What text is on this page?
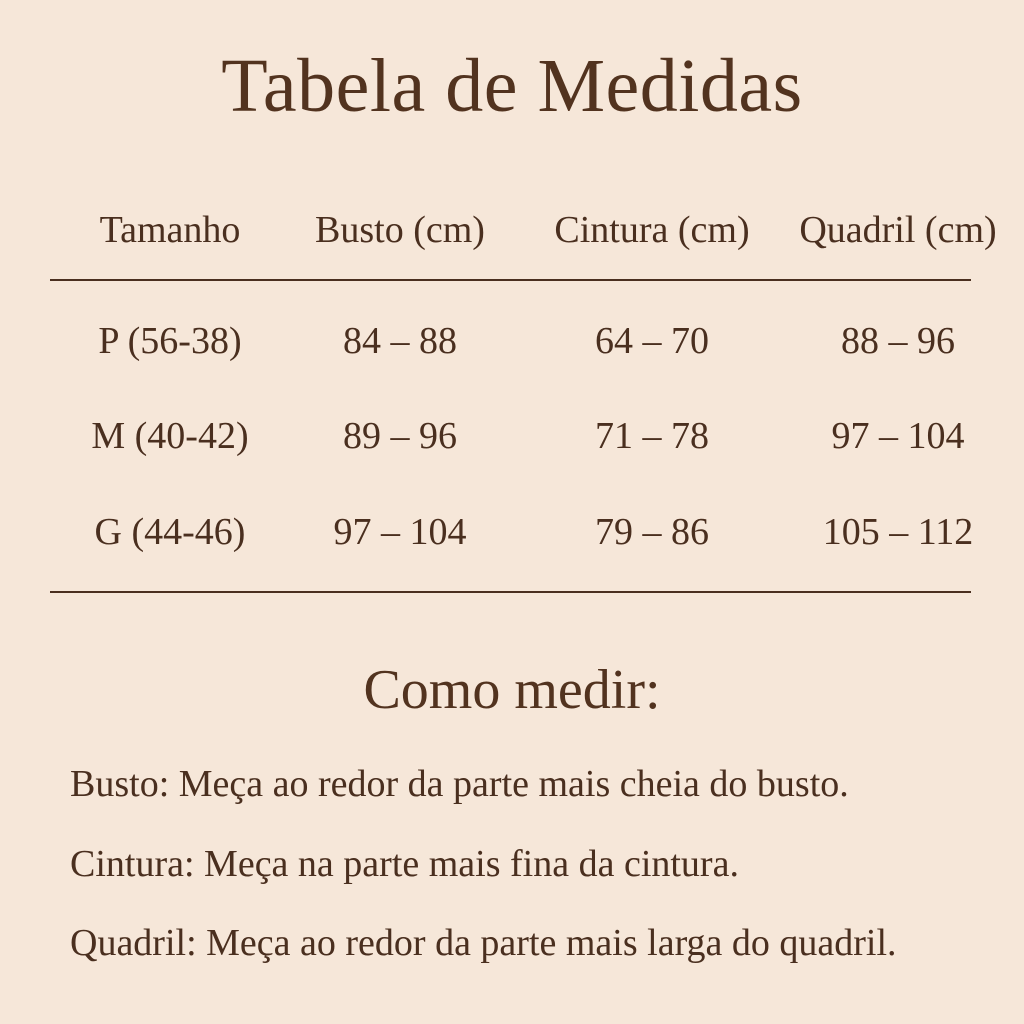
Tabela de Medidas
Tamanho Busto (cm) Cintura (cm) Quadril (cm)
P (56-38)	84 – 88	64 – 70	88 – 96
M (40-42) 89 – 96	71 – 78	97 – 104
G (44-46) 97 – 104	79 – 86	105 – 112
Como medir:
Busto: Meça ao redor da parte mais cheia do busto.
Cintura: Meça na parte mais fina da cintura.
Quadril: Meça ao redor da parte mais larga do quadril.
